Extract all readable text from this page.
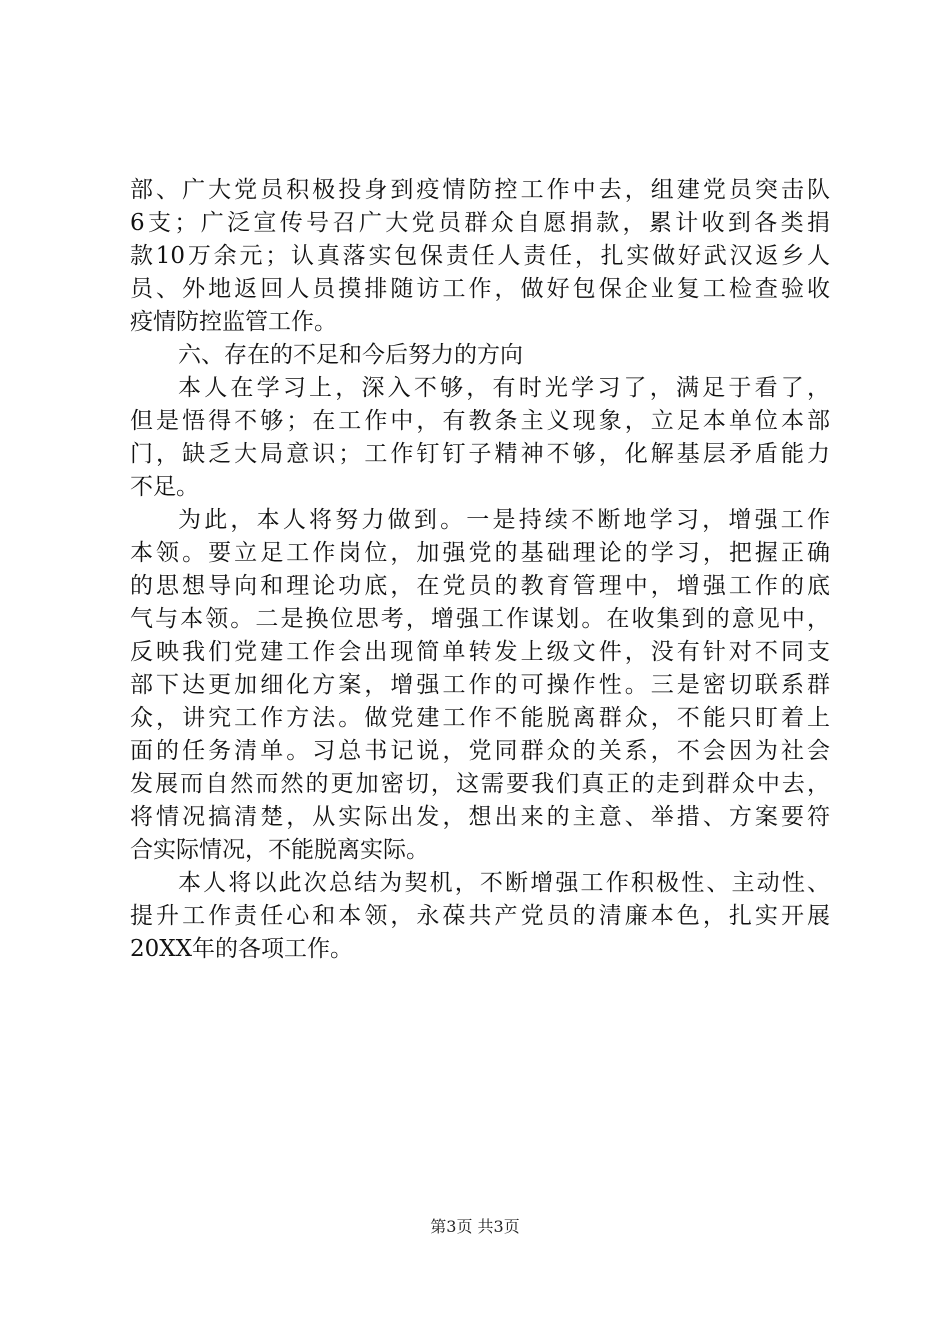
部、广大党员积极投身到疫情防控工作中去，组建党员突击队
6支；广泛宣传号召广大党员群众自愿捐款，累计收到各类捐
款10万余元；认真落实包保责任人责任，扎实做好武汉返乡人
员、外地返回人员摸排随访工作，做好包保企业复工检查验收
疫情防控监管工作。
六、存在的不足和今后努力的方向
本人在学习上，深入不够，有时光学习了，满足于看了，
但是悟得不够；在工作中，有教条主义现象，立足本单位本部
门，缺乏大局意识；工作钉钉子精神不够，化解基层矛盾能力
不足。
为此，本人将努力做到。一是持续不断地学习，增强工作
本领。要立足工作岗位，加强党的基础理论的学习，把握正确
的思想导向和理论功底，在党员的教育管理中，增强工作的底
气与本领。二是换位思考，增强工作谋划。在收集到的意见中，
反映我们党建工作会出现简单转发上级文件，没有针对不同支
部下达更加细化方案，增强工作的可操作性。三是密切联系群
众，讲究工作方法。做党建工作不能脱离群众，不能只盯着上
面的任务清单。习总书记说，党同群众的关系，不会因为社会
发展而自然而然的更加密切，这需要我们真正的走到群众中去，
将情况搞清楚，从实际出发，想出来的主意、举措、方案要符
合实际情况，不能脱离实际。
本人将以此次总结为契机，不断增强工作积极性、主动性、
提升工作责任心和本领，永葆共产党员的清廉本色，扎实开展
20XX年的各项工作。
第3页 共3页
